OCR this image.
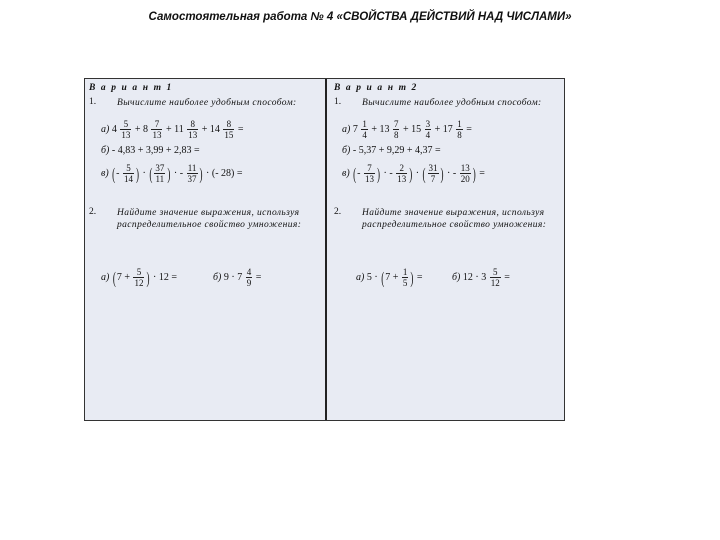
Самостоятельная работа № 4 «СВОЙСТВА ДЕЙСТВИЙ НАД ЧИСЛАМИ»
В а р и а н т 1
1. Вычислите наиболее удобным способом:
а) $4 \frac{5}{13} + 8 \frac{7}{13} + 11 \frac{8}{13} + 14 \frac{8}{15}$ =
б) - 4,83 + 3,99 + 2,83 =
в) (- $\frac{5}{14}$ ) · ( $\frac{37}{11}$ ) · - $\frac{11}{37}$ ) · (- 28) =
2. Найдите значение выражения, используя распределительное свойство умножения:
а) ($7 + \frac{5}{12}$ ) · 12 =	б) $9 \cdot 7 \frac{4}{9}$ =
В а р и а н т 2
1. Вычислите наиболее удобным способом:
а) $7 \frac{1}{4} + 13 \frac{7}{8} + 15 \frac{3}{4} + 17 \frac{1}{8}$ =
б) - 5,37 + 9,29 + 4,37 =
в) (- $\frac{7}{13}$ ) · - $\frac{2}{13}$ ) · ( $\frac{31}{7}$ ) · - $\frac{13}{20}$ ) =
2. Найдите значение выражения, используя распределительное свойство умножения:
а) $5 \cdot (7 + \frac{1}{5}$ ) =	б) $12 \cdot 3 \frac{5}{12}$ =
